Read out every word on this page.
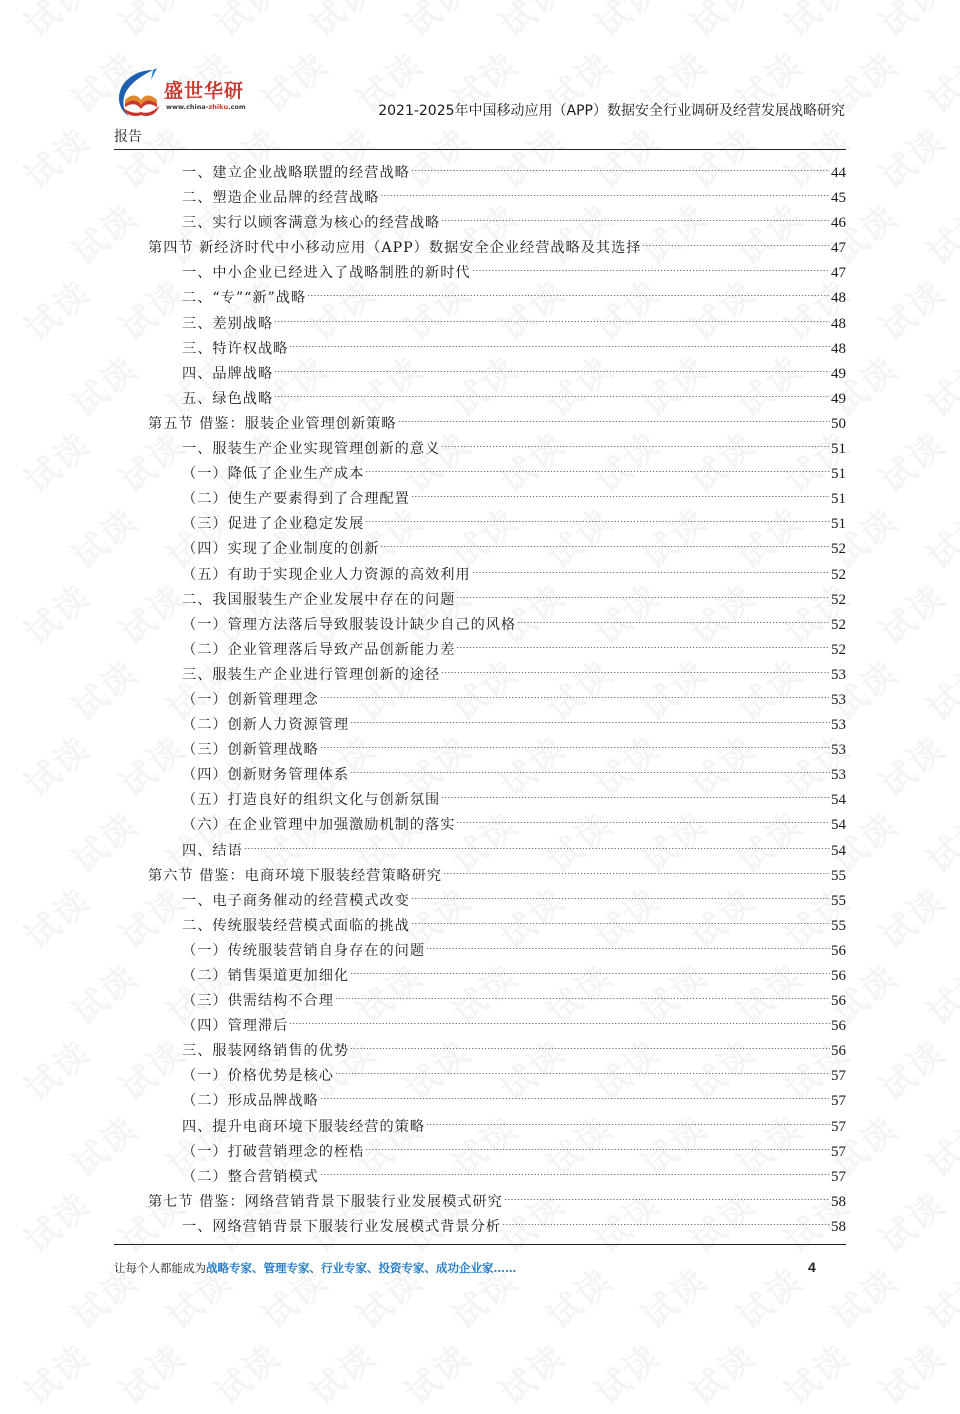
盛世华研
www.china-zhiku.com	2021-2025年中国移动应用（APP）数据安全行业调研及经营发展战略研究
报告
一、建立企业战略联盟的经营战略	44
二、塑造企业品牌的经营战略	45
三、实行以顾客满意为核心的经营战略	46
第四节 新经济时代中小移动应用（APP）数据安全企业经营战略及其选择	47
一、中小企业已经进入了战略制胜的新时代	47
二、“专”“新”战略	48
三、差别战略	48
三、特许权战略	48
四、品牌战略	49
五、绿色战略	49
第五节 借鉴：服装企业管理创新策略	50
一、服装生产企业实现管理创新的意义	51
（一）降低了企业生产成本	51
（二）使生产要素得到了合理配置	51
（三）促进了企业稳定发展	51
（四）实现了企业制度的创新	52
（五）有助于实现企业人力资源的高效利用	52
二、我国服装生产企业发展中存在的问题	52
（一）管理方法落后导致服装设计缺少自己的风格	52
（二）企业管理落后导致产品创新能力差	52
三、服装生产企业进行管理创新的途径	53
（一）创新管理理念	53
（二）创新人力资源管理	53
（三）创新管理战略	53
（四）创新财务管理体系	53
（五）打造良好的组织文化与创新氛围	54
（六）在企业管理中加强激励机制的落实	54
四、结语	54
第六节 借鉴：电商环境下服装经营策略研究	55
一、电子商务催动的经营模式改变	55
二、传统服装经营模式面临的挑战	55
（一）传统服装营销自身存在的问题	56
（二）销售渠道更加细化	56
（三）供需结构不合理	56
（四）管理滞后	56
三、服装网络销售的优势	56
（一）价格优势是核心	57
（二）形成品牌战略	57
四、提升电商环境下服装经营的策略	57
（一）打破营销理念的桎梏	57
（二）整合营销模式	57
第七节 借鉴：网络营销背景下服装行业发展模式研究	58
一、网络营销背景下服装行业发展模式背景分析	58
让每个人都能成为战略专家、管理专家、行业专家、投资专家、成功企业家……	4
